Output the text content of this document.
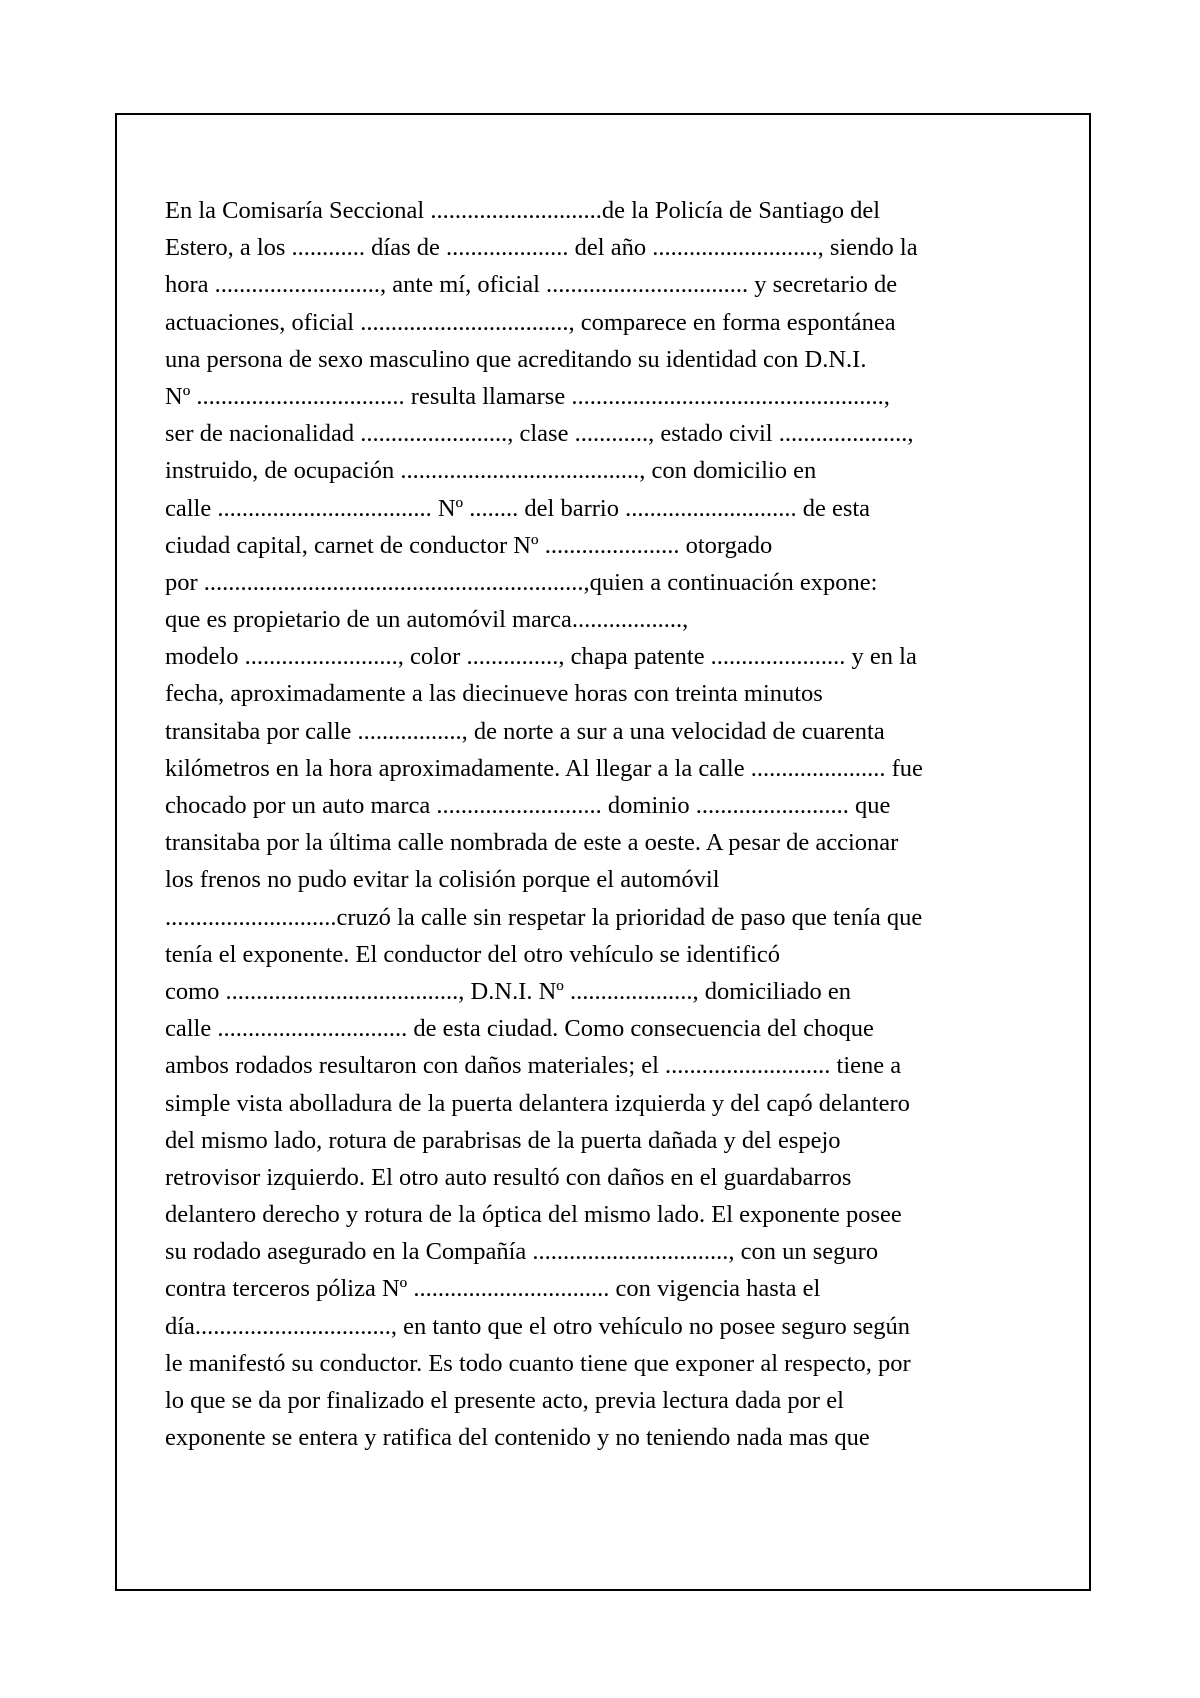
En la Comisaría Seccional ............................de la Policía de Santiago del
Estero, a los ............ días de .................... del año ..........................., siendo la
hora ..........................., ante mí, oficial ................................. y secretario de
actuaciones, oficial .................................., comparece en forma espontánea
una persona de sexo masculino que acreditando su identidad con D.N.I.
Nº .................................. resulta llamarse ...................................................,
ser de nacionalidad ........................, clase ............, estado civil .....................,
instruido, de ocupación ......................................., con domicilio en
calle ................................... Nº ........ del barrio ............................ de esta
ciudad capital, carnet de conductor Nº ...................... otorgado
por ..............................................................,quien a continuación expone:
que es propietario de un automóvil marca..................,
modelo ........................., color ..............., chapa patente ...................... y en la
fecha, aproximadamente a las diecinueve horas con treinta minutos
transitaba por calle ................., de norte a sur a una velocidad de cuarenta
kilómetros en la hora aproximadamente. Al llegar a la calle ...................... fue
chocado por un auto marca ........................... dominio ......................... que
transitaba por la última calle nombrada de este a oeste. A pesar de accionar
los frenos no pudo evitar la colisión porque el automóvil
............................cruzó la calle sin respetar la prioridad de paso que tenía que
tenía el exponente. El conductor del otro vehículo se identificó
como ......................................, D.N.I. Nº ...................., domiciliado en
calle ............................... de esta ciudad. Como consecuencia del choque
ambos rodados resultaron con daños materiales; el ........................... tiene a
simple vista abolladura de la puerta delantera izquierda y del capó delantero
del mismo lado, rotura de parabrisas de la puerta dañada y del espejo
retrovisor izquierdo. El otro auto resultó con daños en el guardabarros
delantero derecho y rotura de la óptica del mismo lado. El exponente posee
su rodado asegurado en la Compañía ................................, con un seguro
contra terceros póliza Nº ................................ con vigencia hasta el
día................................, en tanto que el otro vehículo no posee seguro según
le manifestó su conductor. Es todo cuanto tiene que exponer al respecto, por
lo que se da por finalizado el presente acto, previa lectura dada por el
exponente se entera y ratifica del contenido y no teniendo nada mas que
